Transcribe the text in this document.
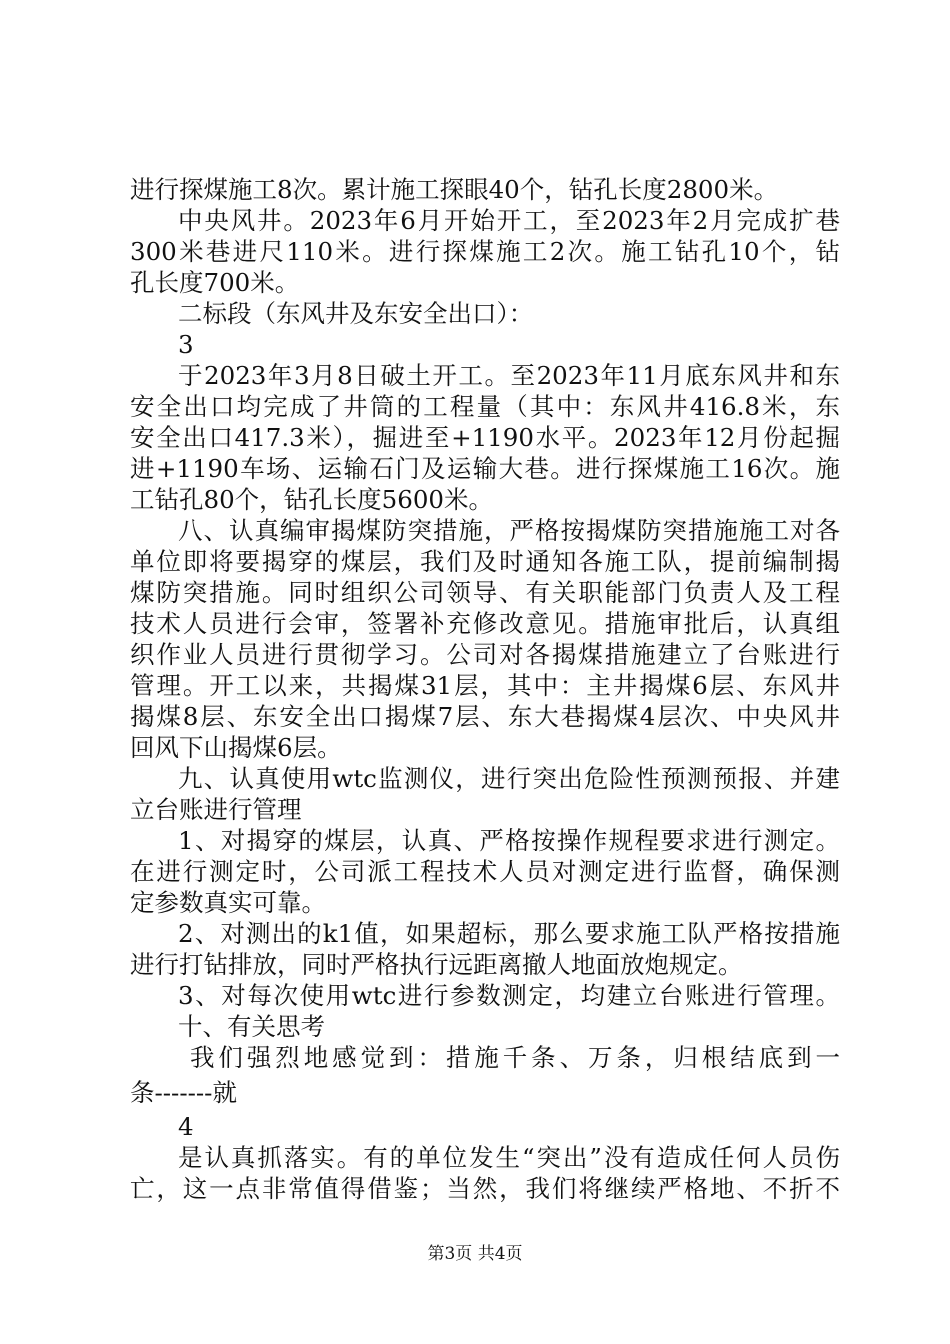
进行探煤施工8次。累计施工探眼40个，钻孔长度2800米。
中央风井。2023年6月开始开工，至2023年2月完成扩巷
300米巷进尺110米。进行探煤施工2次。施工钻孔10个，钻
孔长度700米。
二标段（东风井及东安全出口）：
3
于2023年3月8日破土开工。至2023年11月底东风井和东
安全出口均完成了井筒的工程量（其中：东风井416.8米，东
安全出口417.3米），掘进至+1190水平。2023年12月份起掘
进+1190车场、运输石门及运输大巷。进行探煤施工16次。施
工钻孔80个，钻孔长度5600米。
八、认真编审揭煤防突措施，严格按揭煤防突措施施工对各
单位即将要揭穿的煤层，我们及时通知各施工队，提前编制揭
煤防突措施。同时组织公司领导、有关职能部门负责人及工程
技术人员进行会审，签署补充修改意见。措施审批后，认真组
织作业人员进行贯彻学习。公司对各揭煤措施建立了台账进行
管理。开工以来，共揭煤31层，其中：主井揭煤6层、东风井
揭煤8层、东安全出口揭煤7层、东大巷揭煤4层次、中央风井
回风下山揭煤6层。
九、认真使用wtc监测仪，进行突出危险性预测预报、并建
立台账进行管理
1、对揭穿的煤层，认真、严格按操作规程要求进行测定。
在进行测定时，公司派工程技术人员对测定进行监督，确保测
定参数真实可靠。
2、对测出的k1值，如果超标，那么要求施工队严格按措施
进行打钻排放，同时严格执行远距离撤人地面放炮规定。
3、对每次使用wtc进行参数测定，均建立台账进行管理。
十、有关思考
我们强烈地感觉到：措施千条、万条，归根结底到一
条-------就
4
是认真抓落实。有的单位发生“突出”没有造成任何人员伤
亡，这一点非常值得借鉴；当然，我们将继续严格地、不折不
第3页 共4页
